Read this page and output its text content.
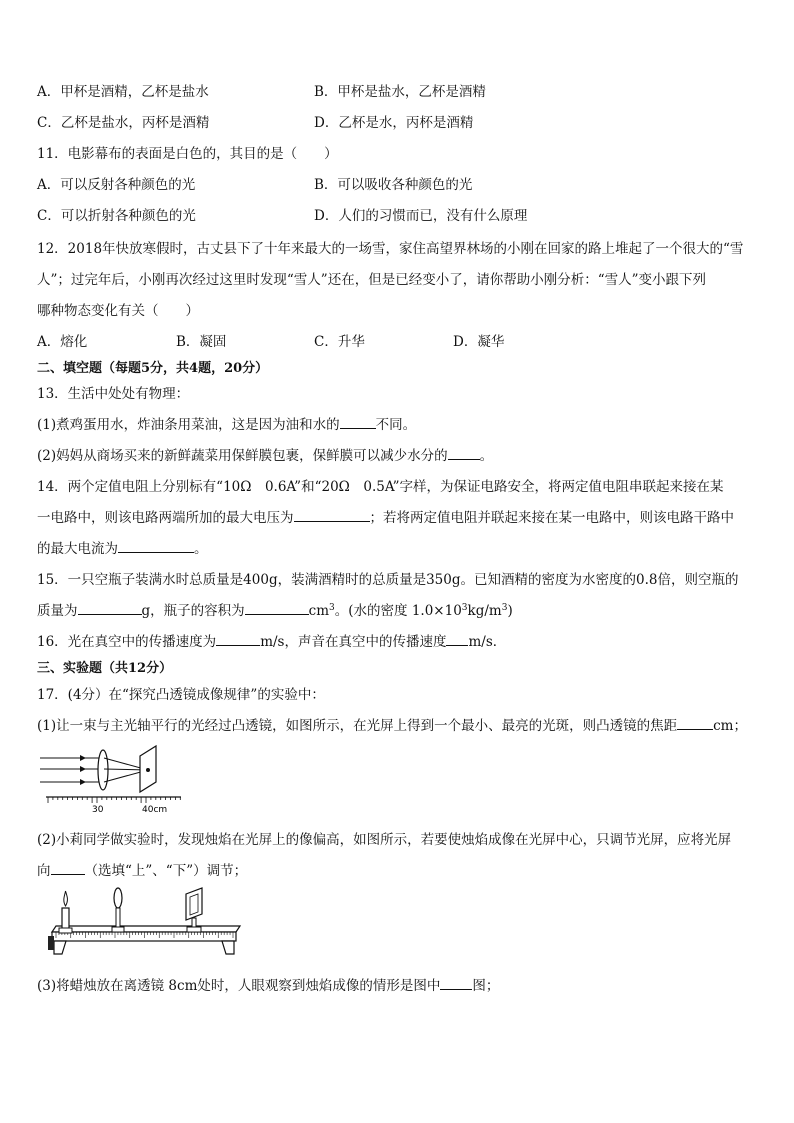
A．甲杯是酒精，乙杯是盐水	B．甲杯是盐水，乙杯是酒精
C．乙杯是盐水，丙杯是酒精	D．乙杯是水，丙杯是酒精
11．电影幕布的表面是白色的，其目的是（　　）
A．可以反射各种颜色的光	B．可以吸收各种颜色的光
C．可以折射各种颜色的光	D．人们的习惯而已，没有什么原理
12．2018年快放寒假时，古丈县下了十年来最大的一场雪，家住高望界林场的小刚在回家的路上堆起了一个很大的“雪
人”；过完年后，小刚再次经过这里时发现“雪人”还在，但是已经变小了，请你帮助小刚分析：“雪人”变小跟下列
哪种物态变化有关（　　）
A．熔化	B．凝固	C．升华	D．凝华
二、填空题（每题5分，共4题，20分）
13．生活中处处有物理：
(1)煮鸡蛋用水，炸油条用菜油，这是因为油和水的	不同。
(2)妈妈从商场买来的新鲜蔬菜用保鲜膜包裹，保鲜膜可以减少水分的 。
14．两个定值电阻上分别标有“10Ω　0.6A”和“20Ω　0.5A”字样，为保证电路安全，将两定值电阻串联起来接在某
一电路中，则该电路两端所加的最大电压为	；若将两定值电阻并联起来接在某一电路中，则该电路干路中
的最大电流为	。
15．一只空瓶子装满水时总质量是400g，装满酒精时的总质量是350g。已知酒精的密度为水密度的0.8倍，则空瓶的
质量为	g，瓶子的容积为	$cm^3$。(水的密度 $1.0\times 10^3kg/m^3$)
16．光在真空中的传播速度为	m/s，声音在真空中的传播速度 m/s．
三、实验题（共12分）
17．(4分）在“探究凸透镜成像规律”的实验中：
(1)让一束与主光轴平行的光经过凸透镜，如图所示，在光屏上得到一个最小、最亮的光斑，则凸透镜的焦距	cm；
30	40cm
(2)小莉同学做实验时，发现烛焰在光屏上的像偏高，如图所示，若要使烛焰成像在光屏中心，只调节光屏，应将光屏
向	（选填“上”、“下”）调节；
(3)将蜡烛放在离透镜 8cm处时，人眼观察到烛焰成像的情形是图中 图；
